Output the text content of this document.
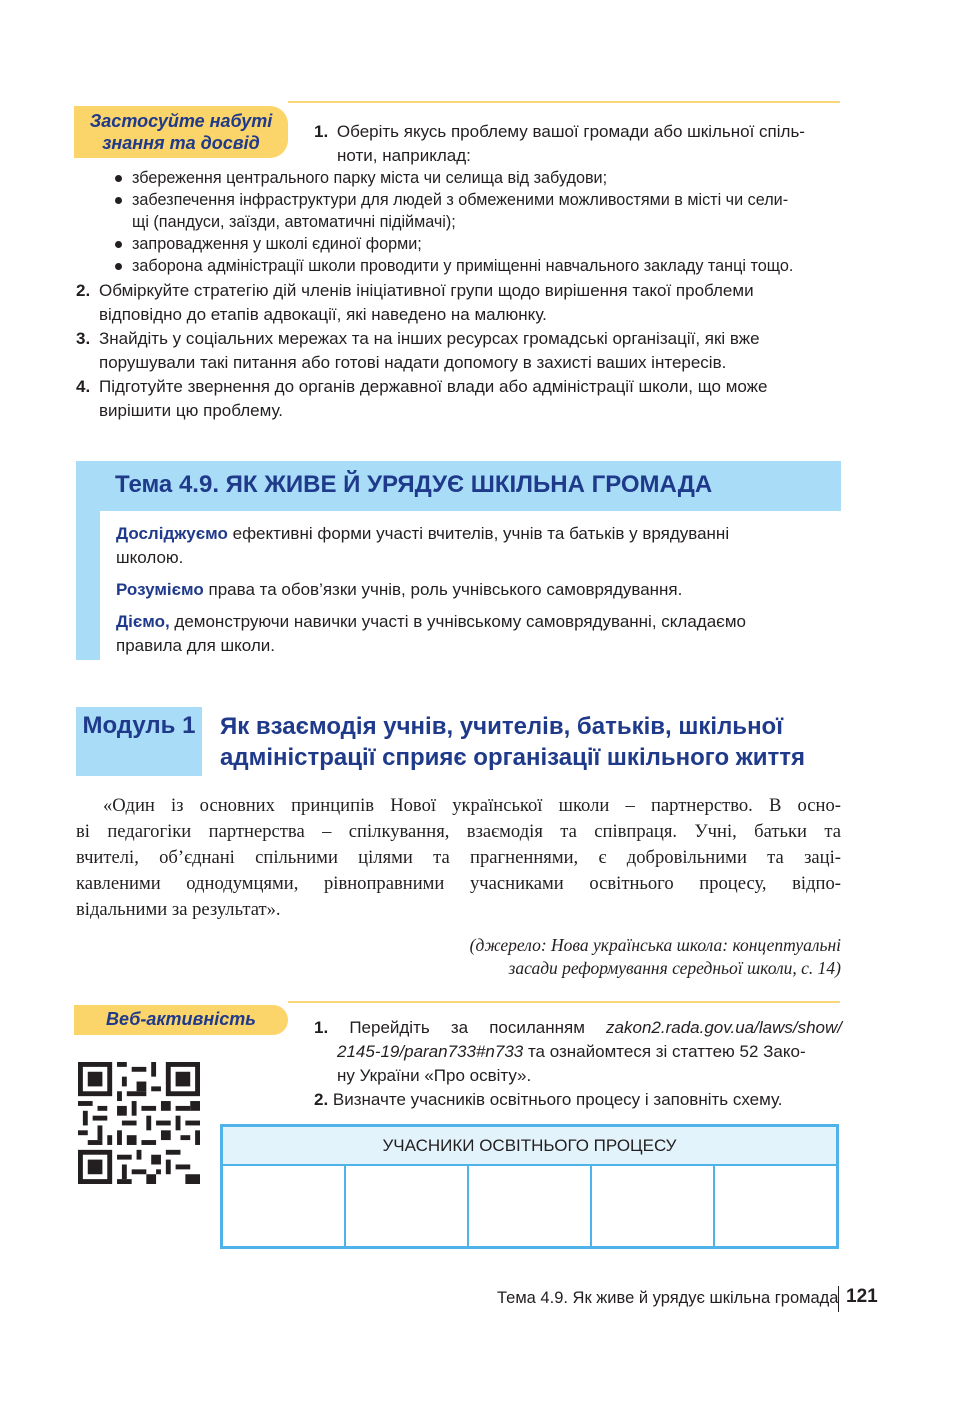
Застосуйте набуті
знання та досвід
1. Оберіть якусь проблему вашої громади або шкільної спіль-
ноти, наприклад:
збереження центрального парку міста чи селища від забудови;
забезпечення інфраструктури для людей з обмеженими можливостями в місті чи сели-
щі (пандуси, заїзди, автоматичні підіймачі);
запровадження у школі єдиної форми;
заборона адміністрації школи проводити у приміщенні навчального закладу танці тощо.
2. Обміркуйте стратегію дій членів ініціативної групи щодо вирішення такої проблеми
відповідно до етапів адвокації, які наведено на малюнку.
3. Знайдіть у соціальних мережах та на інших ресурсах громадські організації, які вже
порушували такі питання або готові надати допомогу в захисті ваших інтересів.
4. Підготуйте звернення до органів державної влади або адміністрації школи, що може
вирішити цю проблему.
Тема 4.9. ЯК ЖИВЕ Й УРЯДУЄ ШКІЛЬНА ГРОМАДА
Досліджуємо ефективні форми участі вчителів, учнів та батьків у врядуванні
школою.
Розуміємо права та обов’язки учнів, роль учнівського самоврядування.
Діємо, демонструючи навички участі в учнівському самоврядуванні, складаємо
правила для школи.
Модуль 1 Як взаємодія учнів, учителів, батьків, шкільної
адміністрації сприяє організації шкільного життя
«Один із основних принципів Нової української школи – партнерство. В осно-
ві педагогіки партнерства – спілкування, взаємодія та співпраця. Учні, батьки та
вчителі, об’єднані спільними цілями та прагненнями, є добровільними та заці-
кавленими однодумцями, рівноправними учасниками освітнього процесу, відпо-
відальними за результат».
(джерело: Нова українська школа: концептуальні
засади реформування середньої школи, с. 14)
Веб-активність	1. Перейдіть за посиланням zakon2.rada.gov.ua/laws/show/
2145-19/paran733#n733 та ознайомтеся зі статтею 52 Зако-
ну України «Про освіту».
2. Визначте учасників освітнього процесу і заповніть схему.
УЧАСНИКИ ОСВІТНЬОГО ПРОЦЕСУ
Тема 4.9. Як живе й урядує шкільна громада 121
